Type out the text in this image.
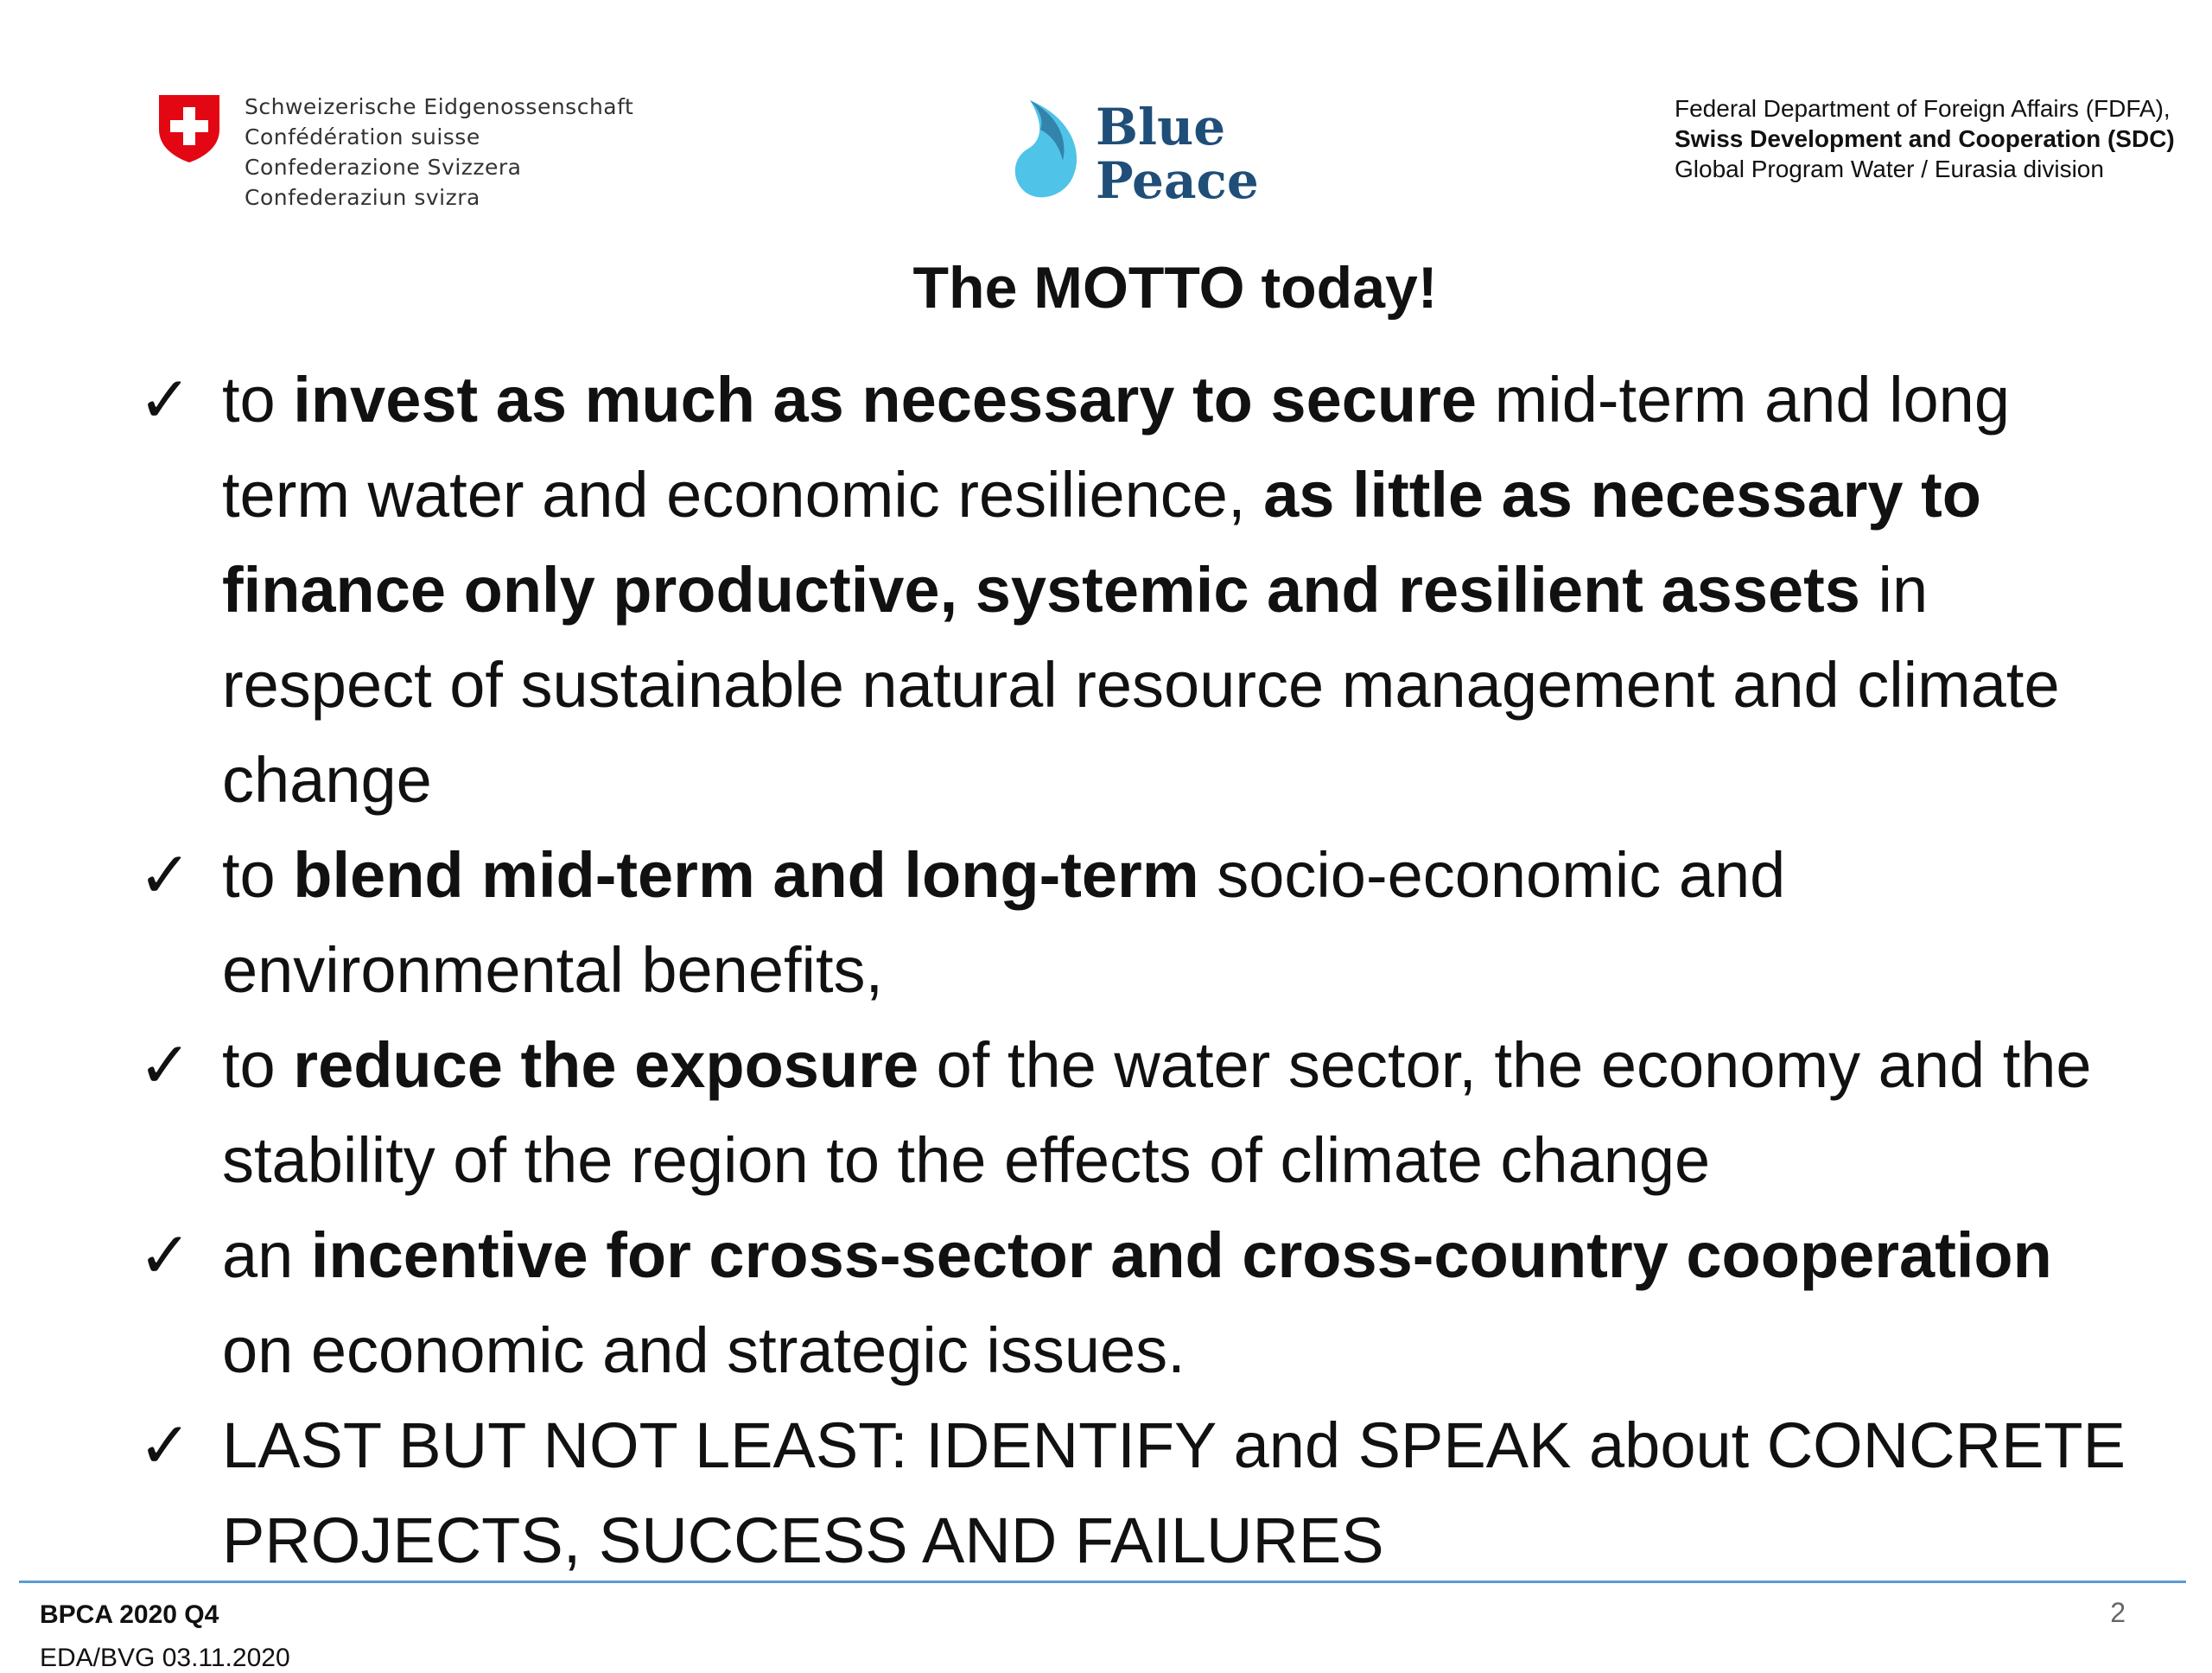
Schweizerische Eidgenossenschaft
Confédération suisse
Confederazione Svizzera
Confederaziun svizra
Blue
Peace
Federal Department of Foreign Affairs (FDFA),
Swiss Development and Cooperation (SDC)
Global Program Water / Eurasia division
The MOTTO today!
✓ to invest as much as necessary to secure mid-term and long term water and economic resilience, as little as necessary to finance only productive, systemic and resilient assets in respect of sustainable natural resource management and climate change
✓ to blend mid-term and long-term socio-economic and environmental benefits,
✓ to reduce the exposure of the water sector, the economy and the stability of the region to the effects of climate change
✓ an incentive for cross-sector and cross-country cooperation on economic and strategic issues.
✓ LAST BUT NOT LEAST: IDENTIFY and SPEAK about CONCRETE PROJECTS, SUCCESS AND FAILURES
BPCA 2020 Q4
EDA/BVG 03.11.2020
2
